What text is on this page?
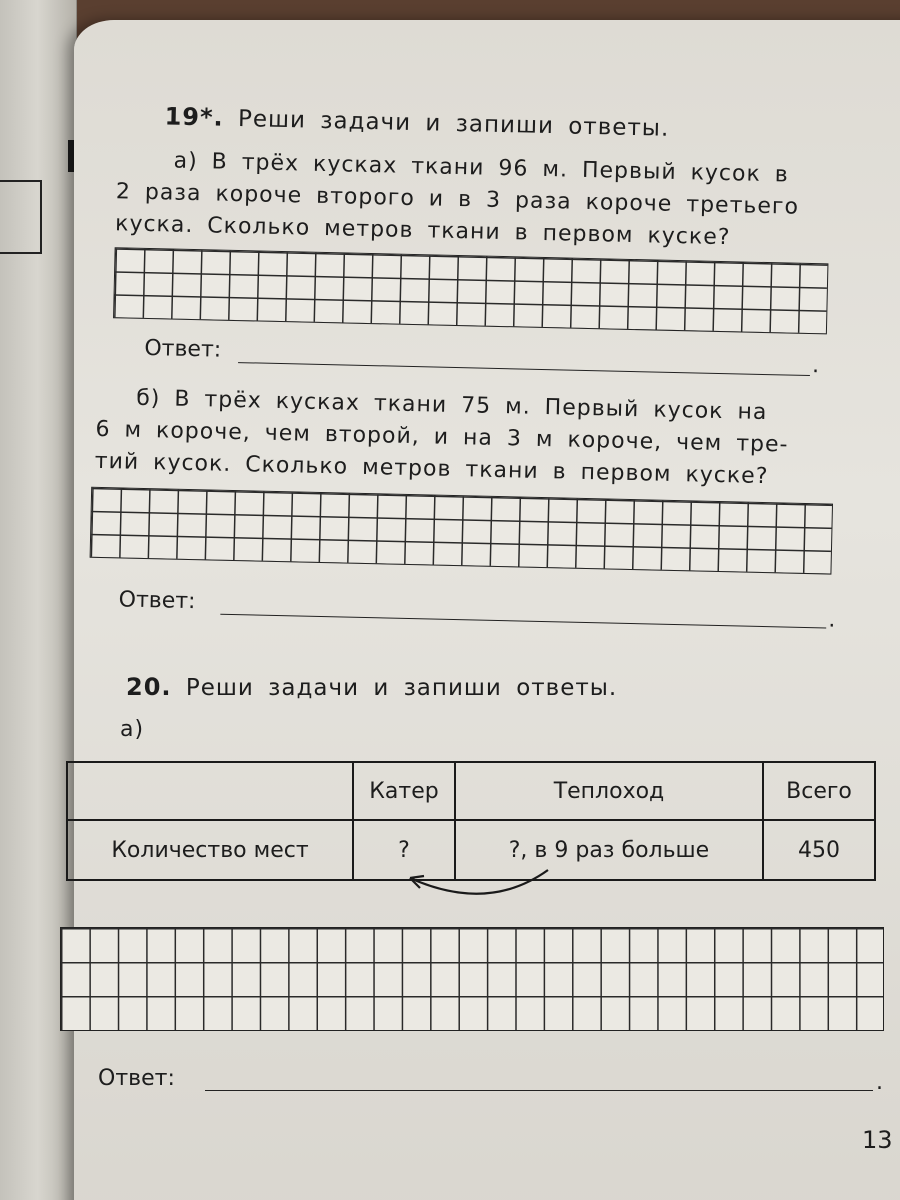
19*. Реши задачи и запиши ответы.
а) В трёх кусках ткани 96 м. Первый кусок в
2 раза короче второго и в 3 раза короче третьего
куска. Сколько метров ткани в первом куске?
Ответ:
.
б) В трёх кусках ткани 75 м. Первый кусок на
6 м короче, чем второй, и на 3 м короче, чем тре-
тий кусок. Сколько метров ткани в первом куске?
Ответ:
.
20. Реши задачи и запиши ответы.
а)
	Катер	Теплоход	Всего
Количество мест	?	?, в 9 раз больше	450
Ответ:	.
13
